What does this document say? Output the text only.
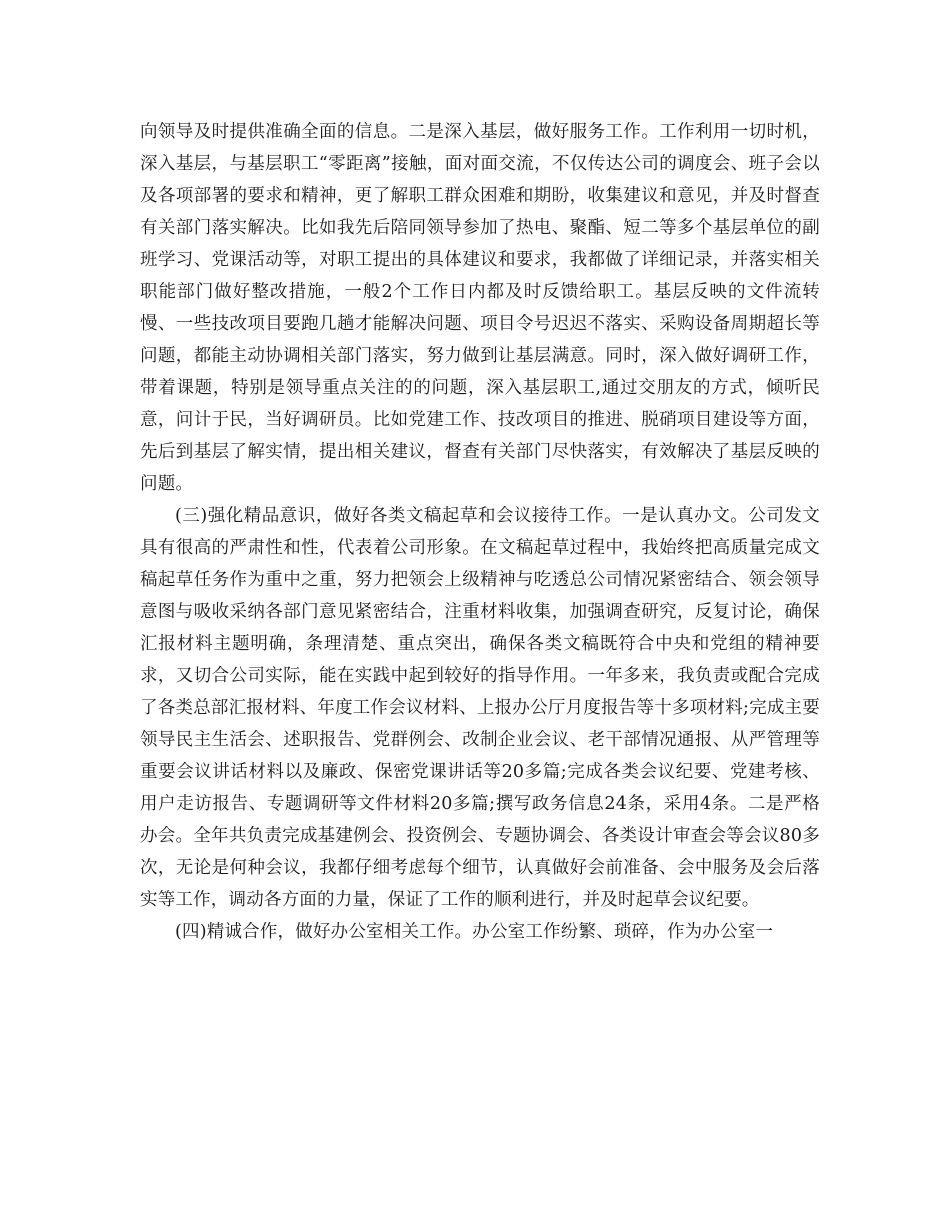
向领导及时提供准确全面的信息。二是深入基层，做好服务工作。工作利用一切时机，深入基层，与基层职工“零距离”接触，面对面交流，不仅传达公司的调度会、班子会以及各项部署的要求和精神，更了解职工群众困难和期盼，收集建议和意见，并及时督查有关部门落实解决。比如我先后陪同领导参加了热电、聚酯、短二等多个基层单位的副班学习、党课活动等，对职工提出的具体建议和要求，我都做了详细记录，并落实相关职能部门做好整改措施，一般2个工作日内都及时反馈给职工。基层反映的文件流转慢、一些技改项目要跑几趟才能解决问题、项目令号迟迟不落实、采购设备周期超长等问题，都能主动协调相关部门落实，努力做到让基层满意。同时，深入做好调研工作，带着课题，特别是领导重点关注的的问题，深入基层职工,通过交朋友的方式，倾听民意，问计于民，当好调研员。比如党建工作、技改项目的推进、脱硝项目建设等方面，先后到基层了解实情，提出相关建议，督查有关部门尽快落实，有效解决了基层反映的问题。

(三)强化精品意识，做好各类文稿起草和会议接待工作。一是认真办文。公司发文具有很高的严肃性和性，代表着公司形象。在文稿起草过程中，我始终把高质量完成文稿起草任务作为重中之重，努力把领会上级精神与吃透总公司情况紧密结合、领会领导意图与吸收采纳各部门意见紧密结合，注重材料收集，加强调查研究，反复讨论，确保汇报材料主题明确，条理清楚、重点突出，确保各类文稿既符合中央和党组的精神要求，又切合公司实际，能在实践中起到较好的指导作用。一年多来，我负责或配合完成了各类总部汇报材料、年度工作会议材料、上报办公厅月度报告等十多项材料;完成主要领导民主生活会、述职报告、党群例会、改制企业会议、老干部情况通报、从严管理等重要会议讲话材料以及廉政、保密党课讲话等20多篇;完成各类会议纪要、党建考核、用户走访报告、专题调研等文件材料20多篇;撰写政务信息24条，采用4条。二是严格办会。全年共负责完成基建例会、投资例会、专题协调会、各类设计审查会等会议80多次，无论是何种会议，我都仔细考虑每个细节，认真做好会前准备、会中服务及会后落实等工作，调动各方面的力量，保证了工作的顺利进行，并及时起草会议纪要。

(四)精诚合作，做好办公室相关工作。办公室工作纷繁、琐碎，作为办公室一
